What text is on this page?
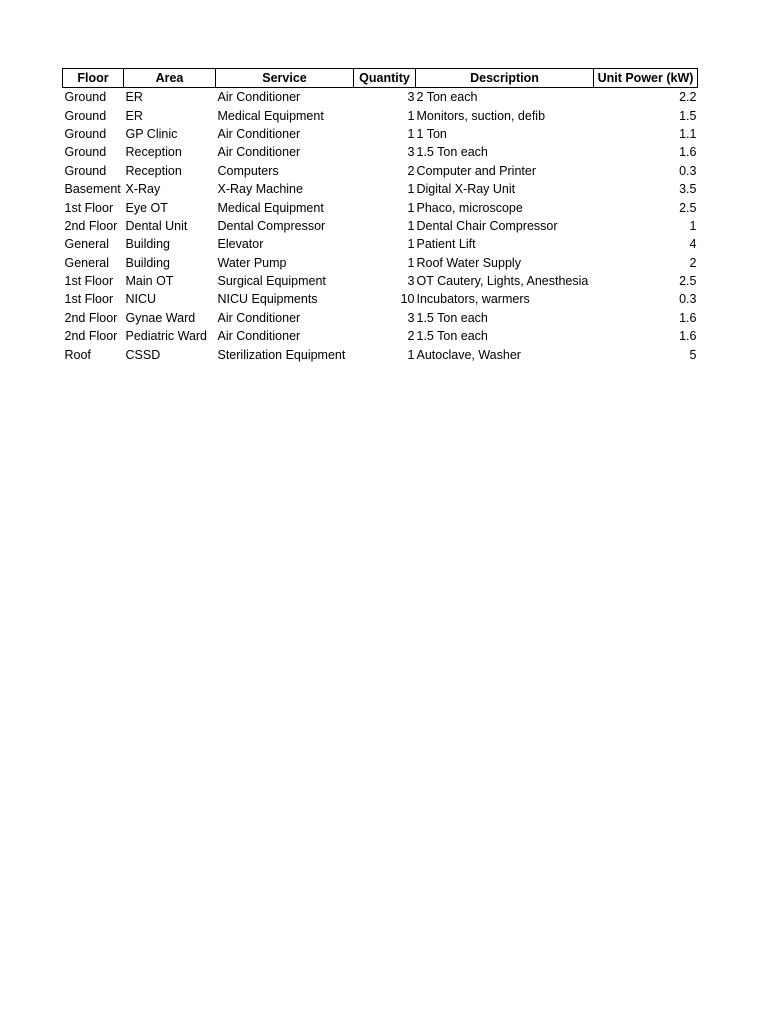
Floor	Area	Service	Quantity	Description	Unit Power (kW)
Ground	ER	Air Conditioner	3	2 Ton each	2.2
Ground	ER	Medical Equipment	1	Monitors, suction, defib	1.5
Ground	GP Clinic	Air Conditioner	1	1 Ton	1.1
Ground	Reception	Air Conditioner	3	1.5 Ton each	1.6
Ground	Reception	Computers	2	Computer and Printer	0.3
Basement	X-Ray	X-Ray Machine	1	Digital X-Ray Unit	3.5
1st Floor	Eye OT	Medical Equipment	1	Phaco, microscope	2.5
2nd Floor	Dental Unit	Dental Compressor	1	Dental Chair Compressor	1
General	Building	Elevator	1	Patient Lift	4
General	Building	Water Pump	1	Roof Water Supply	2
1st Floor	Main OT	Surgical Equipment	3	OT Cautery, Lights, Anesthesia	2.5
1st Floor	NICU	NICU Equipments	10	Incubators, warmers	0.3
2nd Floor	Gynae Ward	Air Conditioner	3	1.5 Ton each	1.6
2nd Floor	Pediatric Ward	Air Conditioner	2	1.5 Ton each	1.6
Roof	CSSD	Sterilization Equipment	1	Autoclave, Washer	5
